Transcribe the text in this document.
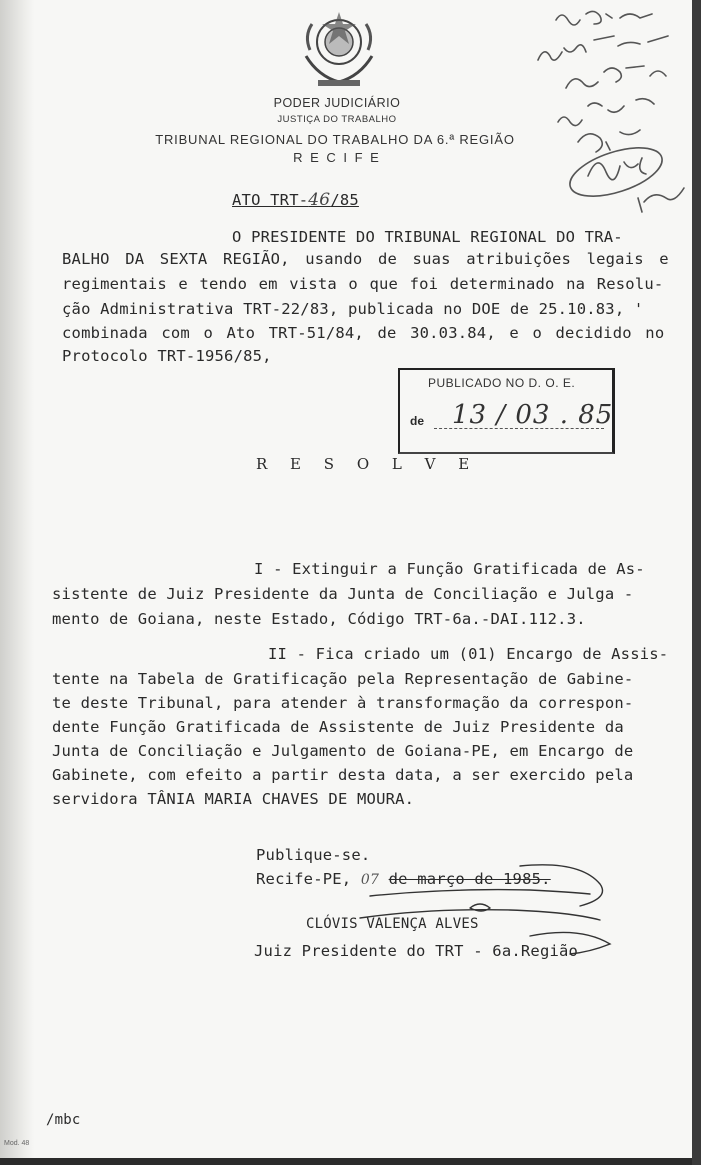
PODER JUDICIÁRIO
JUSTIÇA DO TRABALHO
TRIBUNAL REGIONAL DO TRABALHO DA 6.ª REGIÃO
R E C I F E
ATO TRT-46/85
O PRESIDENTE DO TRIBUNAL REGIONAL DO TRA-
BALHO DA SEXTA REGIÃO, usando de suas atribuições legais e
regimentais e tendo em vista o que foi determinado na Resolu-
ção Administrativa TRT-22/83, publicada no DOE de 25.10.83, '
combinada com o Ato TRT-51/84, de 30.03.84, e o decidido no
Protocolo TRT-1956/85,
PUBLICADO NO D. O. E.
de 13 / 03 . 85
R E S O L V E
I - Extinguir a Função Gratificada de As-
sistente de Juiz Presidente da Junta de Conciliação e Julga -
mento de Goiana, neste Estado, Código TRT-6a.-DAI.112.3.
II - Fica criado um (01) Encargo de Assis-
tente na Tabela de Gratificação pela Representação de Gabine-
te deste Tribunal, para atender à transformação da correspon-
dente Função Gratificada de Assistente de Juiz Presidente da
Junta de Conciliação e Julgamento de Goiana-PE, em Encargo de
Gabinete, com efeito a partir desta data, a ser exercido pela
servidora TÂNIA MARIA CHAVES DE MOURA.
Publique-se.
Recife-PE, 07 de março de 1985.
CLÓVIS VALENÇA ALVES
Juiz Presidente do TRT - 6a.Região
/mbc
Mod. 48
